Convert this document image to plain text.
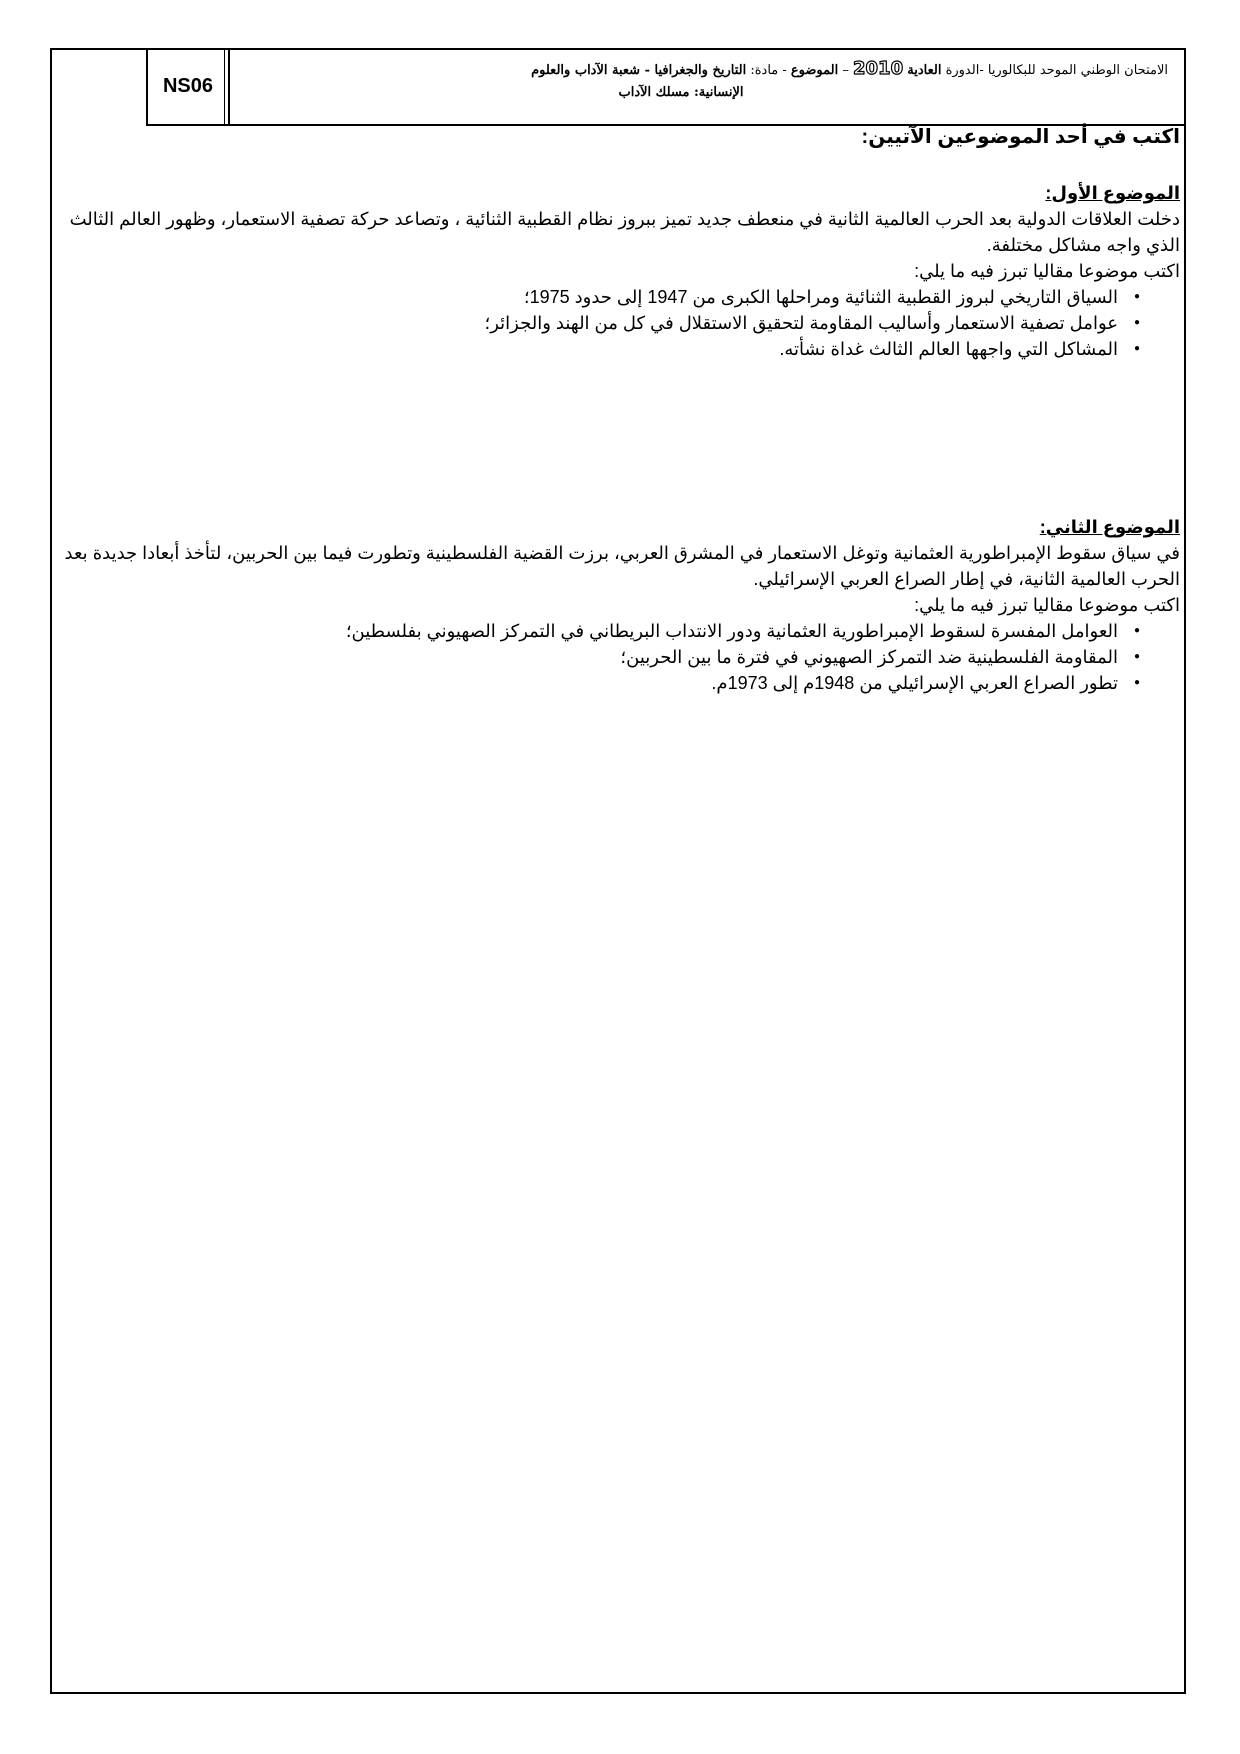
NS06
الامتحان الوطني الموحد للبكالوريا -الدورة العادية 2010 – الموضوع - مادة: التاريخ والجغرافيا - شعبة الآداب والعلوم
الإنسانية: مسلك الآداب
اكتب في أحد الموضوعين الآتيين:
الموضوع الأول:

دخلت العلاقات الدولية بعد الحرب العالمية الثانية في منعطف جديد تميز ببروز نظام القطبية الثنائية ، وتصاعد حركة تصفية الاستعمار، وظهور العالم الثالث الذي واجه مشاكل مختلفة.

اكتب موضوعا مقاليا تبرز فيه ما يلي:

● السياق التاريخي لبروز القطبية الثنائية ومراحلها الكبرى من 1947 إلى حدود 1975؛
● عوامل تصفية الاستعمار وأساليب المقاومة لتحقيق الاستقلال في كل من الهند والجزائر؛
● المشاكل التي واجهها العالم الثالث غداة نشأته.
الموضوع الثاني:

في سياق سقوط الإمبراطورية العثمانية وتوغل الاستعمار في المشرق العربي، برزت القضية الفلسطينية وتطورت فيما بين الحربين، لتأخذ أبعادا جديدة بعد الحرب العالمية الثانية، في إطار الصراع العربي الإسرائيلي.

اكتب موضوعا مقاليا تبرز فيه ما يلي:

● العوامل المفسرة لسقوط الإمبراطورية العثمانية ودور الانتداب البريطاني في التمركز الصهيوني بفلسطين؛
● المقاومة الفلسطينية ضد التمركز الصهيوني في فترة ما بين الحربين؛
● تطور الصراع العربي الإسرائيلي من 1948م إلى 1973م.
